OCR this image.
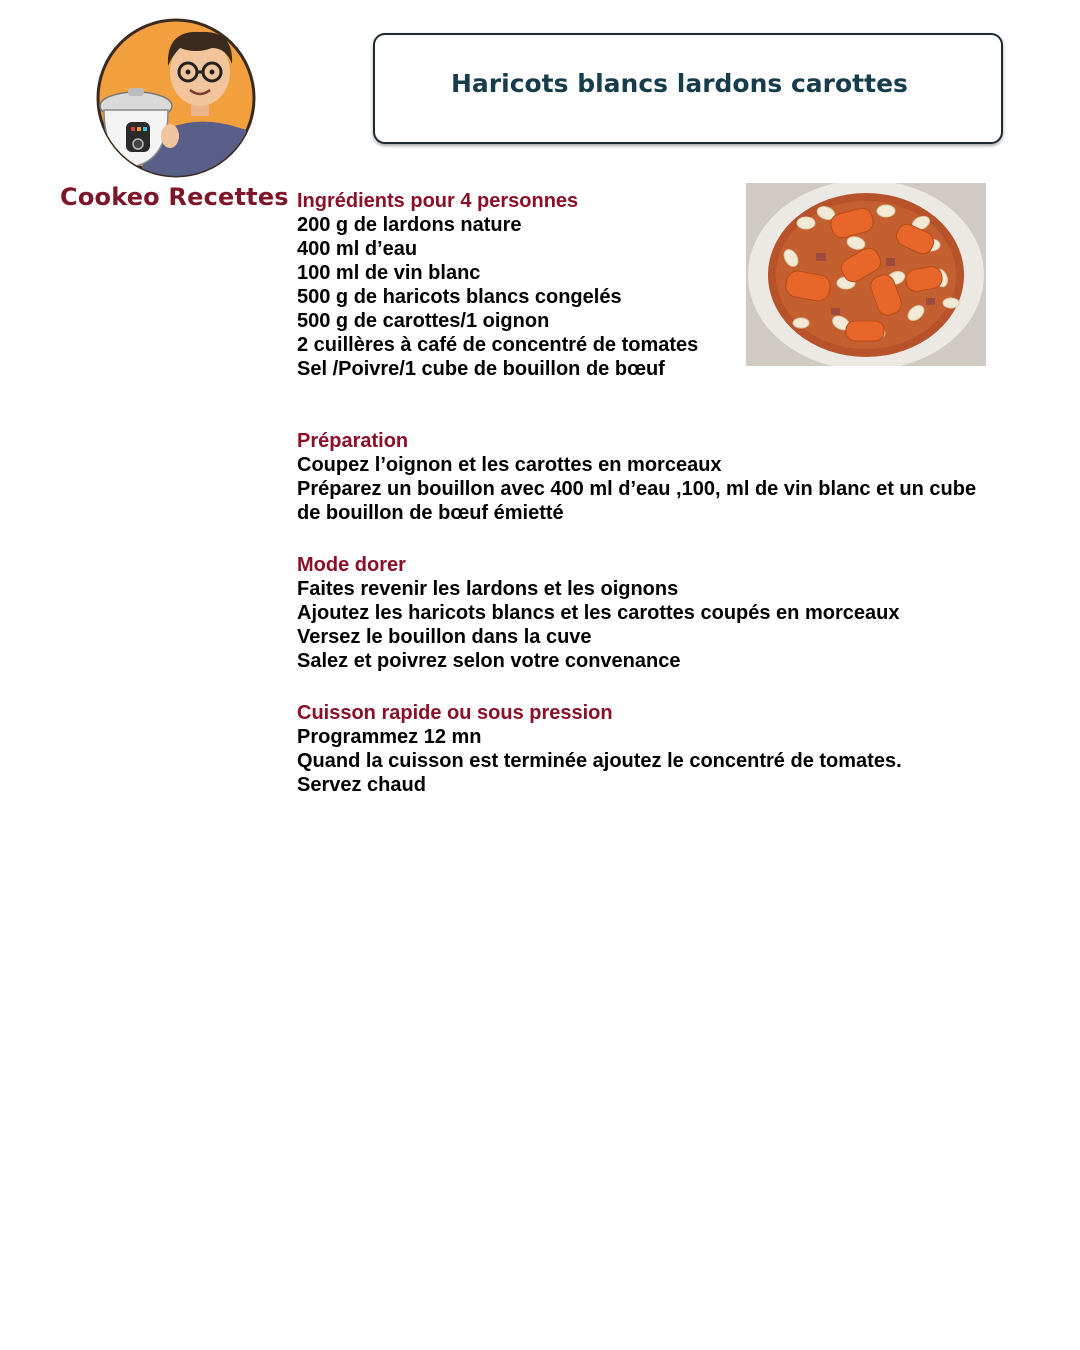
Cookeo Recettes
Haricots blancs lardons carottes
Ingrédients pour 4 personnes
200 g de lardons nature
400 ml d’eau
100 ml de vin blanc
500 g de haricots blancs congelés
500 g de carottes/1 oignon
2 cuillères à café de concentré de tomates
Sel /Poivre/1 cube de bouillon de bœuf
Préparation
Coupez l’oignon et les carottes en morceaux
Préparez un bouillon avec 400 ml d’eau ,100, ml de vin blanc et un cube de bouillon de bœuf émietté
Mode dorer
Faites revenir les lardons et les oignons
Ajoutez les haricots blancs et les carottes coupés en morceaux
Versez le bouillon dans la cuve
Salez et poivrez selon votre convenance
Cuisson rapide ou sous pression
Programmez 12 mn
Quand la cuisson est terminée ajoutez le concentré de tomates.
Servez chaud
